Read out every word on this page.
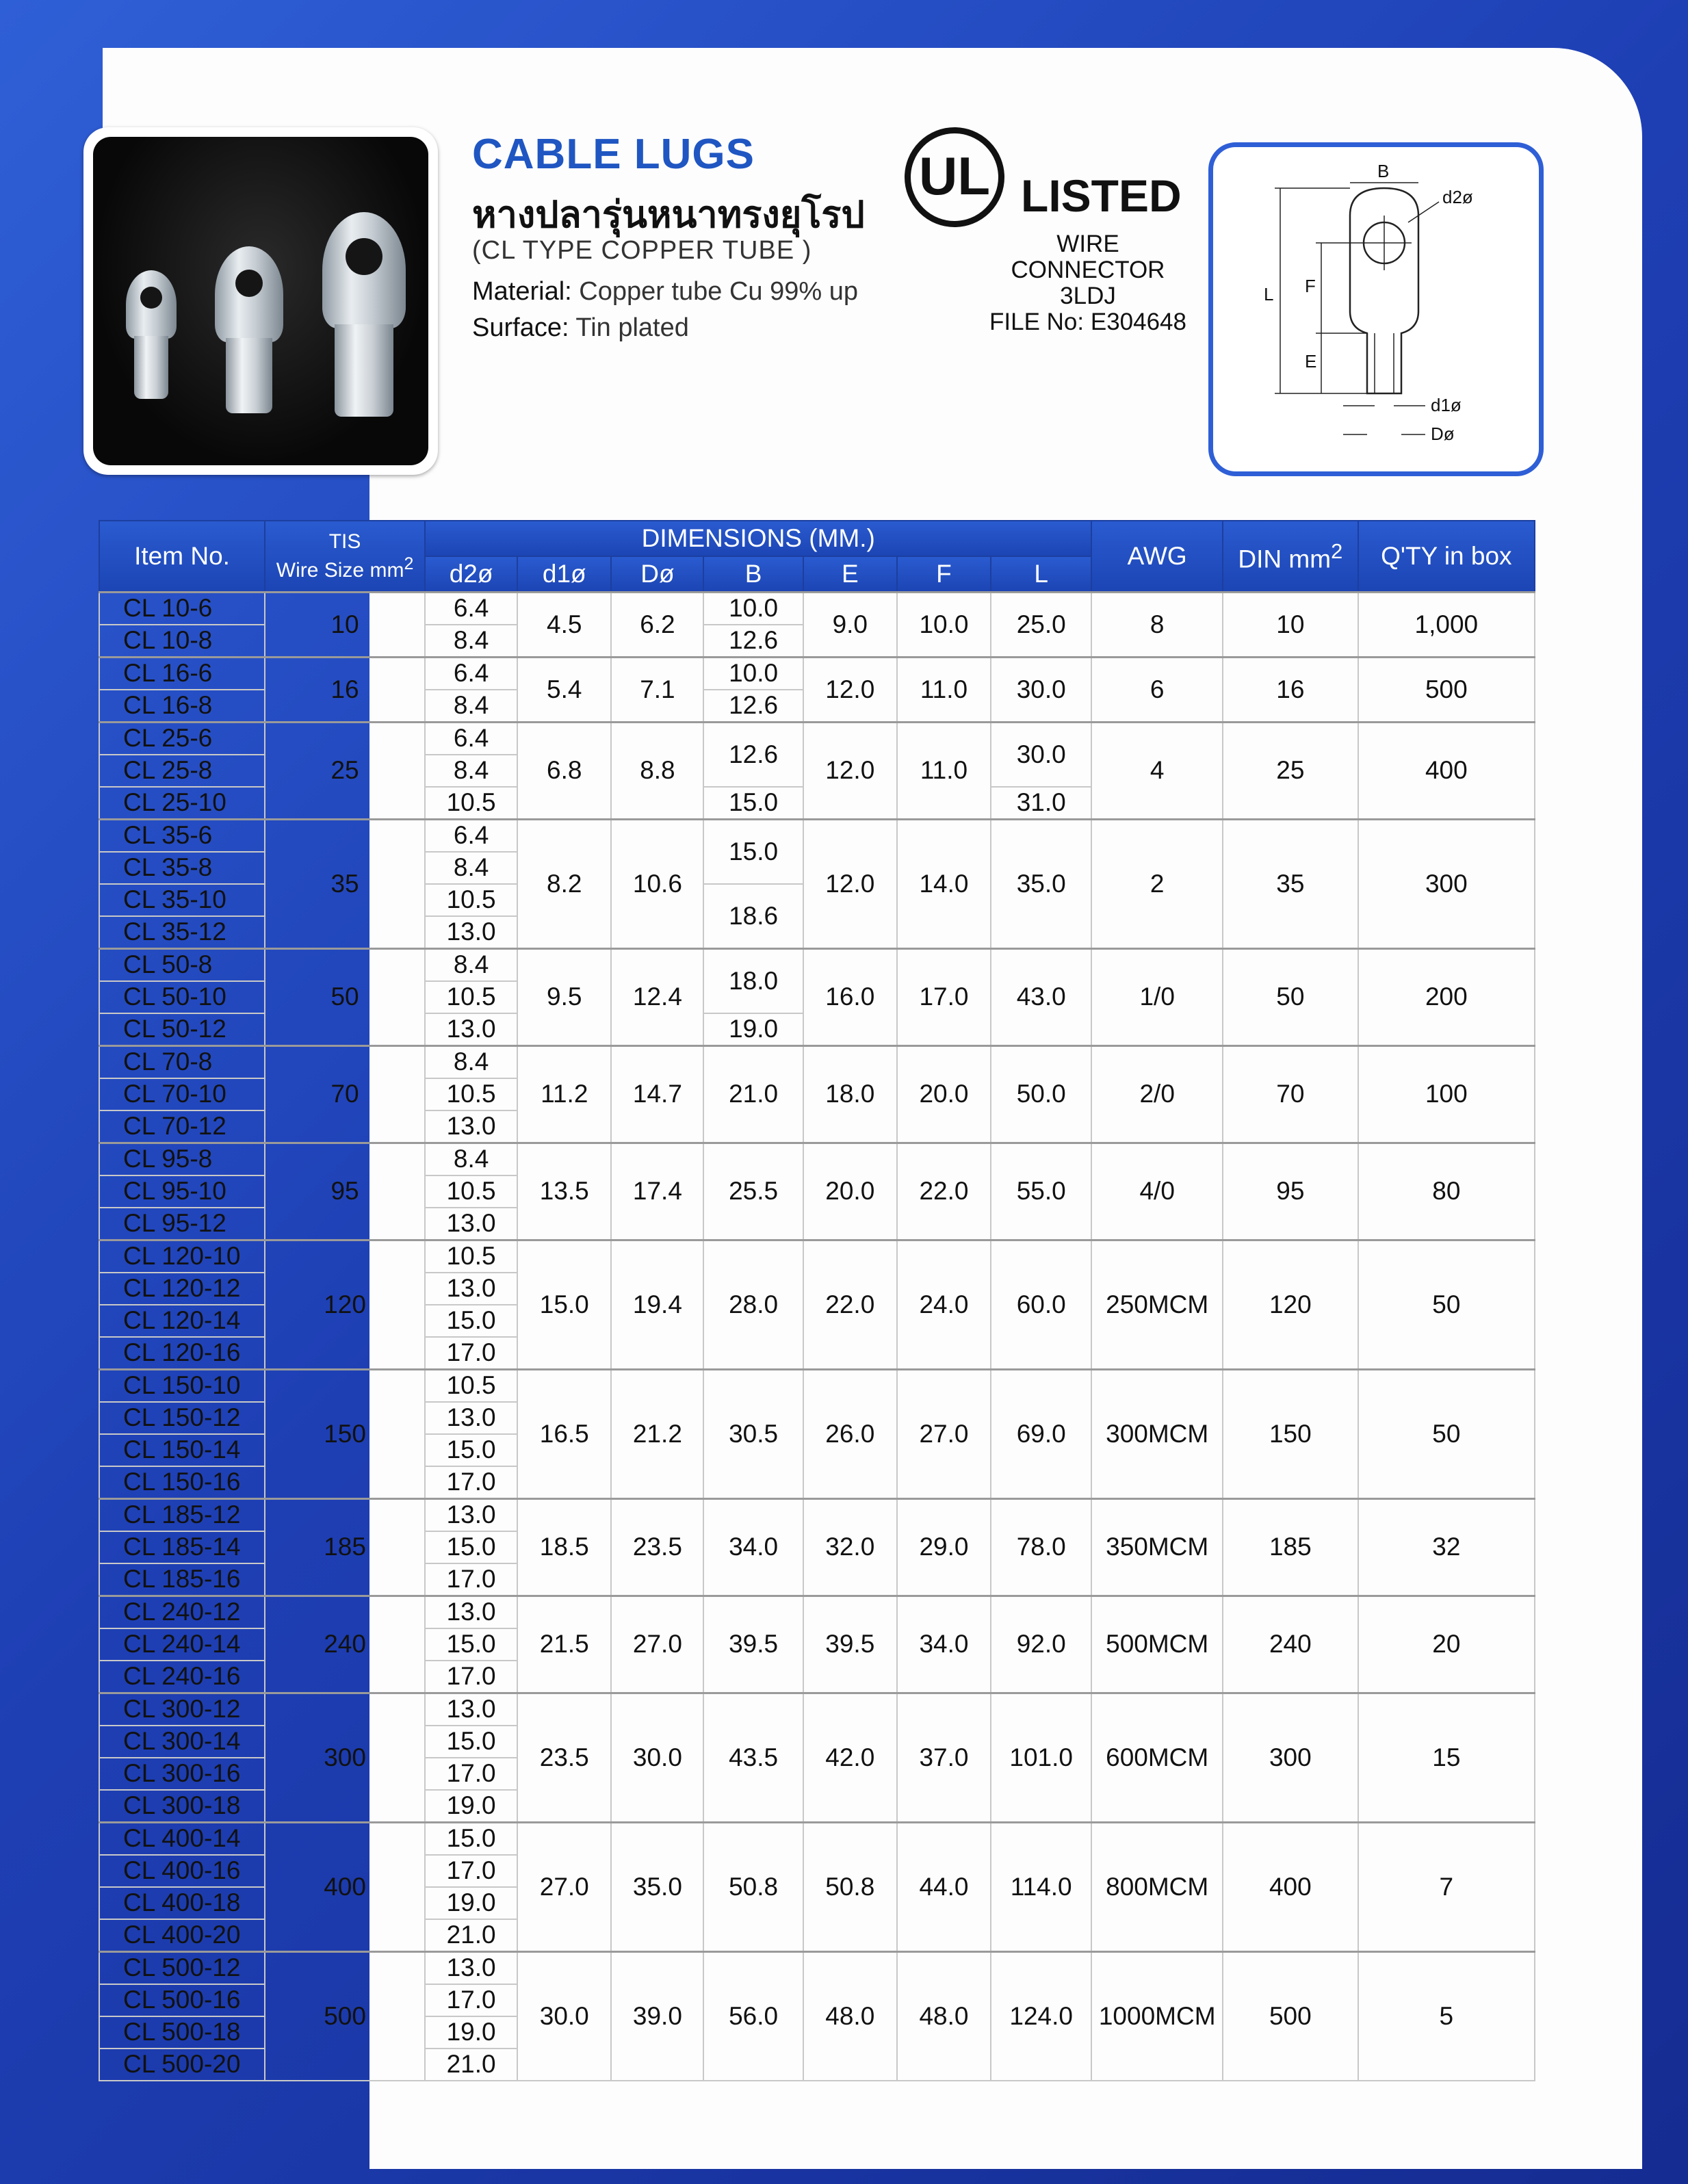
CABLE LUGS
หางปลารุ่นหนาทรงยุโรป
(CL TYPE COPPER TUBE )
Material: Copper tube Cu 99% up
Surface: Tin plated
UL LISTED
WIRE CONNECTOR
3LDJ
FILE No: E304648
B
d2ø
L F
E
d1ø
Dø
Item No.	TIS
Wire Size $mm^2$	DIMENSIONS (MM.)							AWG	DIN $mm^2$	Q'TY in box
		d2ø	d1ø	Dø	B	E	F	L			
CL 10-6	10	6.4	4.5	6.2	10.0	9.0	10.0	25.0	8	10	1,000
CL 10-8		8.4			12.6						
CL 16-6	16	6.4	5.4	7.1	10.0	12.0	11.0	30.0	6	16	500
CL 16-8		8.4			12.6						
CL 25-6	25	6.4	6.8	8.8	12.6	12.0	11.0	30.0	4	25	400
CL 25-8		8.4									
CL 25-10		10.5			15.0			31.0			
CL 35-6	35	6.4	8.2	10.6	15.0	12.0	14.0	35.0	2	35	300
CL 35-8		8.4									
CL 35-10		10.5			18.6						
CL 35-12		13.0									
CL 50-8	50	8.4	9.5	12.4	18.0	16.0	17.0	43.0	1/0	50	200
CL 50-10		10.5									
CL 50-12		13.0			19.0						
CL 70-8	70	8.4	11.2	14.7	21.0	18.0	20.0	50.0	2/0	70	100
CL 70-10		10.5									
CL 70-12		13.0									
CL 95-8	95	8.4	13.5	17.4	25.5	20.0	22.0	55.0	4/0	95	80
CL 95-10		10.5									
CL 95-12		13.0									
CL 120-10	120	10.5	15.0	19.4	28.0	22.0	24.0	60.0	250MCM	120	50
CL 120-12		13.0									
CL 120-14		15.0									
CL 120-16		17.0									
CL 150-10	150	10.5	16.5	21.2	30.5	26.0	27.0	69.0	300MCM	150	50
CL 150-12		13.0									
CL 150-14		15.0									
CL 150-16		17.0									
CL 185-12	185	13.0	18.5	23.5	34.0	32.0	29.0	78.0	350MCM	185	32
CL 185-14		15.0									
CL 185-16		17.0									
CL 240-12	240	13.0	21.5	27.0	39.5	39.5	34.0	92.0	500MCM	240	20
CL 240-14		15.0									
CL 240-16		17.0									
CL 300-12	300	13.0	23.5	30.0	43.5	42.0	37.0	101.0	600MCM	300	15
CL 300-14		15.0									
CL 300-16		17.0									
CL 300-18		19.0									
CL 400-14	400	15.0	27.0	35.0	50.8	50.8	44.0	114.0	800MCM	400	7
CL 400-16		17.0									
CL 400-18		19.0									
CL 400-20		21.0									
CL 500-12	500	13.0	30.0	39.0	56.0	48.0	48.0	124.0	1000MCM	500	5
CL 500-16		17.0									
CL 500-18		19.0									
CL 500-20		21.0									
